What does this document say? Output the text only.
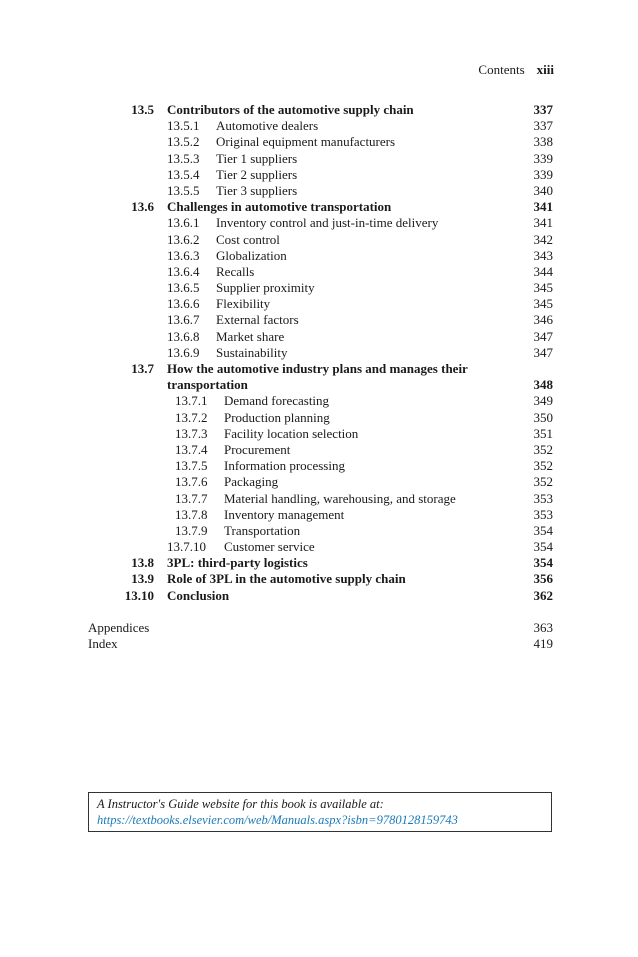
Contents xiii
13.5 Contributors of the automotive supply chain	337
13.5.1 Automotive dealers	337
13.5.2 Original equipment manufacturers	338
13.5.3 Tier 1 suppliers	339
13.5.4 Tier 2 suppliers	339
13.5.5 Tier 3 suppliers	340
13.6 Challenges in automotive transportation	341
13.6.1 Inventory control and just-in-time delivery	341
13.6.2 Cost control	342
13.6.3 Globalization	343
13.6.4 Recalls	344
13.6.5 Supplier proximity	345
13.6.6 Flexibility	345
13.6.7 External factors	346
13.6.8 Market share	347
13.6.9 Sustainability	347
13.7 How the automotive industry plans and manages their
transportation	348
13.7.1 Demand forecasting	349
13.7.2 Production planning	350
13.7.3 Facility location selection	351
13.7.4 Procurement	352
13.7.5 Information processing	352
13.7.6 Packaging	352
13.7.7 Material handling, warehousing, and storage	353
13.7.8 Inventory management	353
13.7.9 Transportation	354
13.7.10 Customer service	354
13.8 3PL: third-party logistics	354
13.9 Role of 3PL in the automotive supply chain	356
13.10 Conclusion	362
Appendices	363
Index	419
A Instructor's Guide website for this book is available at:
https://textbooks.elsevier.com/web/Manuals.aspx?isbn=9780128159743
